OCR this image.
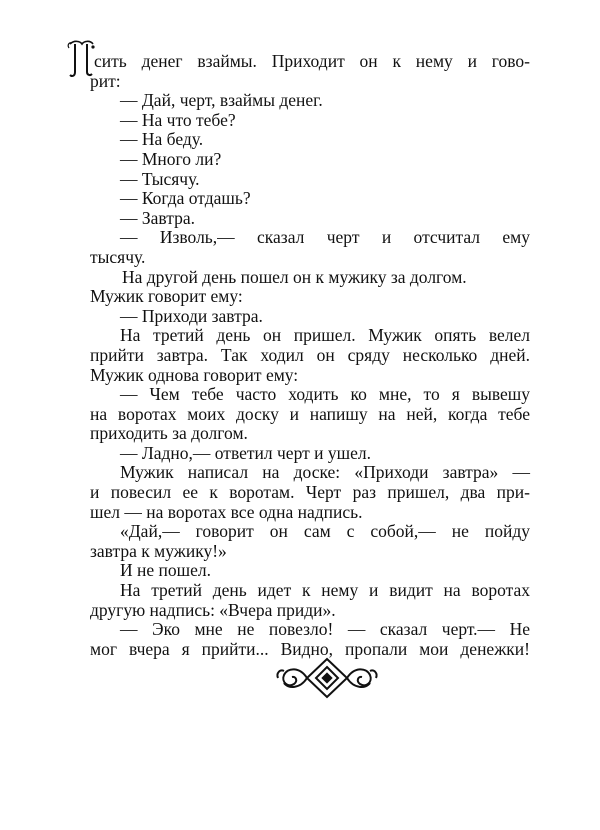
сить денег взаймы. Приходит он к нему и гово-
рит:
— Дай, черт, взаймы денег.
— На что тебе?
— На беду.
— Много ли?
— Тысячу.
— Когда отдашь?
— Завтра.
— Изволь,— сказал черт и отсчитал ему
тысячу.
На другой день пошел он к мужику за долгом.
Мужик говорит ему:
— Приходи завтра.
На третий день он пришел. Мужик опять велел
прийти завтра. Так ходил он сряду несколько дней.
Мужик однова говорит ему:
— Чем тебе часто ходить ко мне, то я вывешу
на воротах моих доску и напишу на ней, когда тебе
приходить за долгом.
— Ладно,— ответил черт и ушел.
Мужик написал на доске: «Приходи завтра» —
и повесил ее к воротам. Черт раз пришел, два при-
шел — на воротах все одна надпись.
«Дай,— говорит он сам с собой,— не пойду
завтра к мужику!»
И не пошел.
На третий день идет к нему и видит на воротах
другую надпись: «Вчера приди».
— Эко мне не повезло! — сказал черт.— Не
мог вчера я прийти... Видно, пропали мои денежки!
